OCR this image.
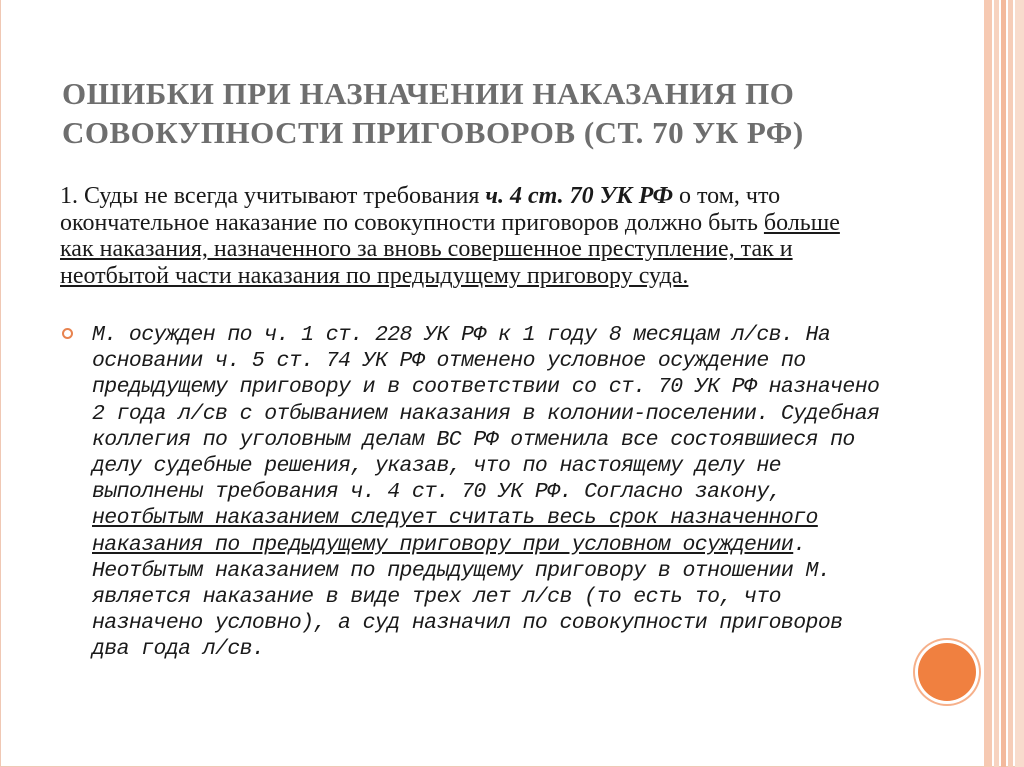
ОШИБКИ ПРИ НАЗНАЧЕНИИ НАКАЗАНИЯ ПО
СОВОКУПНОСТИ ПРИГОВОРОВ (СТ. 70 УК РФ)
1. Суды не всегда учитывают требования ч. 4 ст. 70 УК РФ о том, что окончательное наказание по совокупности приговоров должно быть больше как наказания, назначенного за вновь совершенное преступление, так и неотбытой части наказания по предыдущему приговору суда.
М. осужден по ч. 1 ст. 228 УК РФ к 1 году 8 месяцам л/св. На основании ч. 5 ст. 74 УК РФ отменено условное осуждение по предыдущему приговору и в соответствии со ст. 70 УК РФ назначено 2 года л/св с отбыванием наказания в колонии-поселении. Судебная коллегия по уголовным делам ВС РФ отменила все состоявшиеся по делу судебные решения, указав, что по настоящему делу не выполнены требования ч. 4 ст. 70 УК РФ. Согласно закону, неотбытым наказанием следует считать весь срок назначенного наказания по предыдущему приговору при условном осуждении. Неотбытым наказанием по предыдущему приговору в отношении М. является наказание в виде трех лет л/св (то есть то, что назначено условно), а суд назначил по совокупности приговоров два года л/св.
